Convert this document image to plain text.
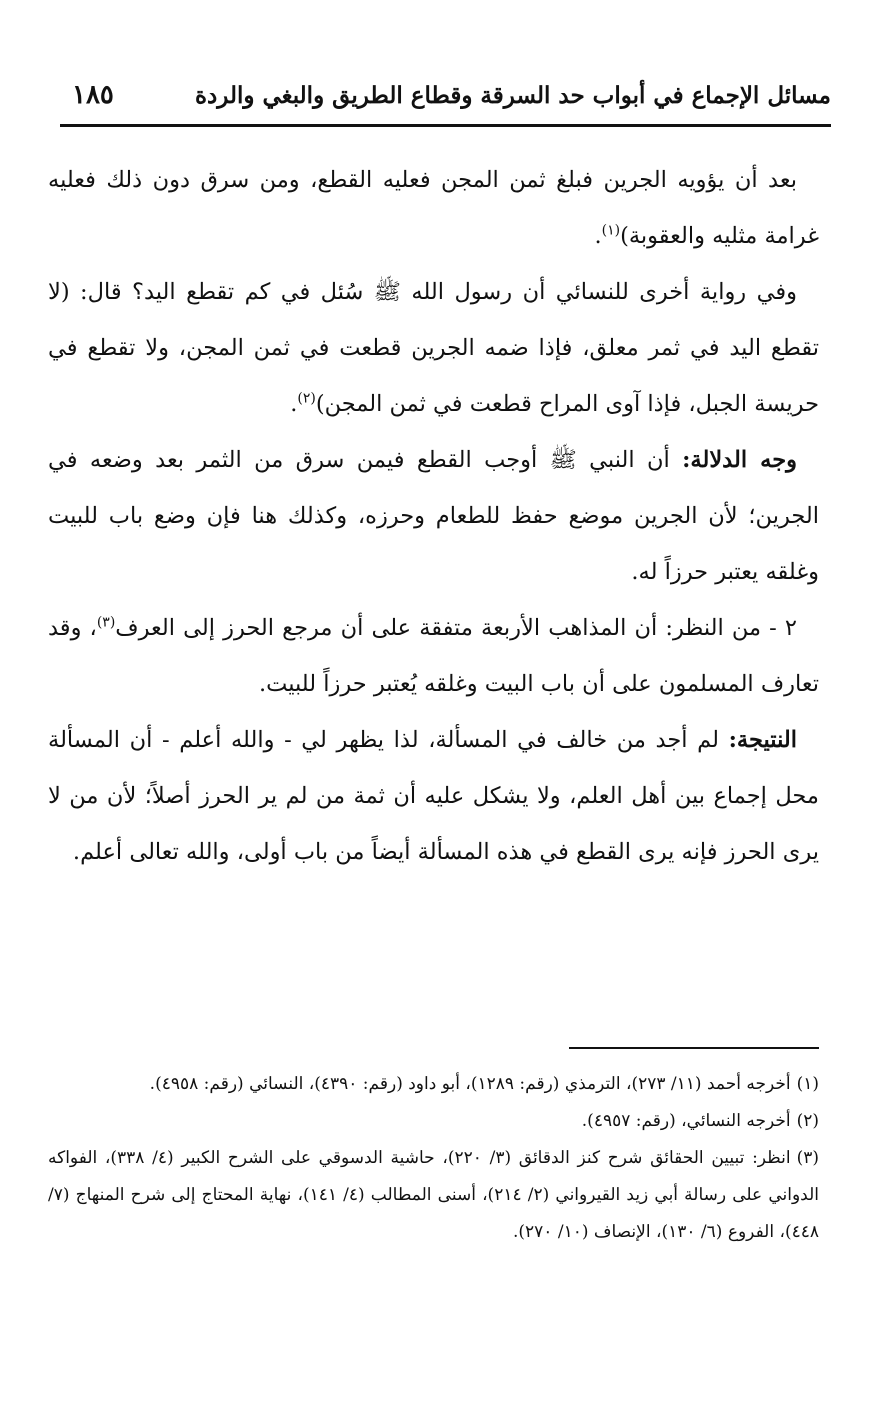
مسائل الإجماع في أبواب حد السرقة وقطاع الطريق والبغي والردة
١٨٥

بعد أن يؤويه الجرين فبلغ ثمن المجن فعليه القطع، ومن سرق دون ذلك فعليه غرامة مثليه والعقوبة)$^{(١)}$.

وفي رواية أخرى للنسائي أن رسول الله ﷺ سُئل في كم تقطع اليد؟ قال: (لا تقطع اليد في ثمر معلق، فإذا ضمه الجرين قطعت في ثمن المجن، ولا تقطع في حريسة الجبل، فإذا آوى المراح قطعت في ثمن المجن)$^{(٢)}$.

وجه الدلالة: أن النبي ﷺ أوجب القطع فيمن سرق من الثمر بعد وضعه في الجرين؛ لأن الجرين موضع حفظ للطعام وحرزه، وكذلك هنا فإن وضع باب للبيت وغلقه يعتبر حرزاً له.

٢ - من النظر: أن المذاهب الأربعة متفقة على أن مرجع الحرز إلى العرف$^{(٣)}$، وقد تعارف المسلمون على أن باب البيت وغلقه يُعتبر حرزاً للبيت.

النتيجة: لم أجد من خالف في المسألة، لذا يظهر لي - والله أعلم - أن المسألة محل إجماع بين أهل العلم، ولا يشكل عليه أن ثمة من لم ير الحرز أصلاً؛ لأن من لا يرى الحرز فإنه يرى القطع في هذه المسألة أيضاً من باب أولى، والله تعالى أعلم.

(١)أخرجه أحمد (١١/ ٢٧٣)، الترمذي (رقم: ١٢٨٩)، أبو داود (رقم: ٤٣٩٠)، النسائي (رقم: ٤٩٥٨).

(٢)أخرجه النسائي، (رقم: ٤٩٥٧).

(٣)انظر: تبيين الحقائق شرح كنز الدقائق (٣/ ٢٢٠)، حاشية الدسوقي على الشرح الكبير (٤/ ٣٣٨)، الفواكه الدواني على رسالة أبي زيد القيرواني (٢/ ٢١٤)، أسنى المطالب (٤/ ١٤١)، نهاية المحتاج إلى شرح المنهاج (٧/ ٤٤٨)، الفروع (٦/ ١٣٠)، الإنصاف (١٠/ ٢٧٠).
